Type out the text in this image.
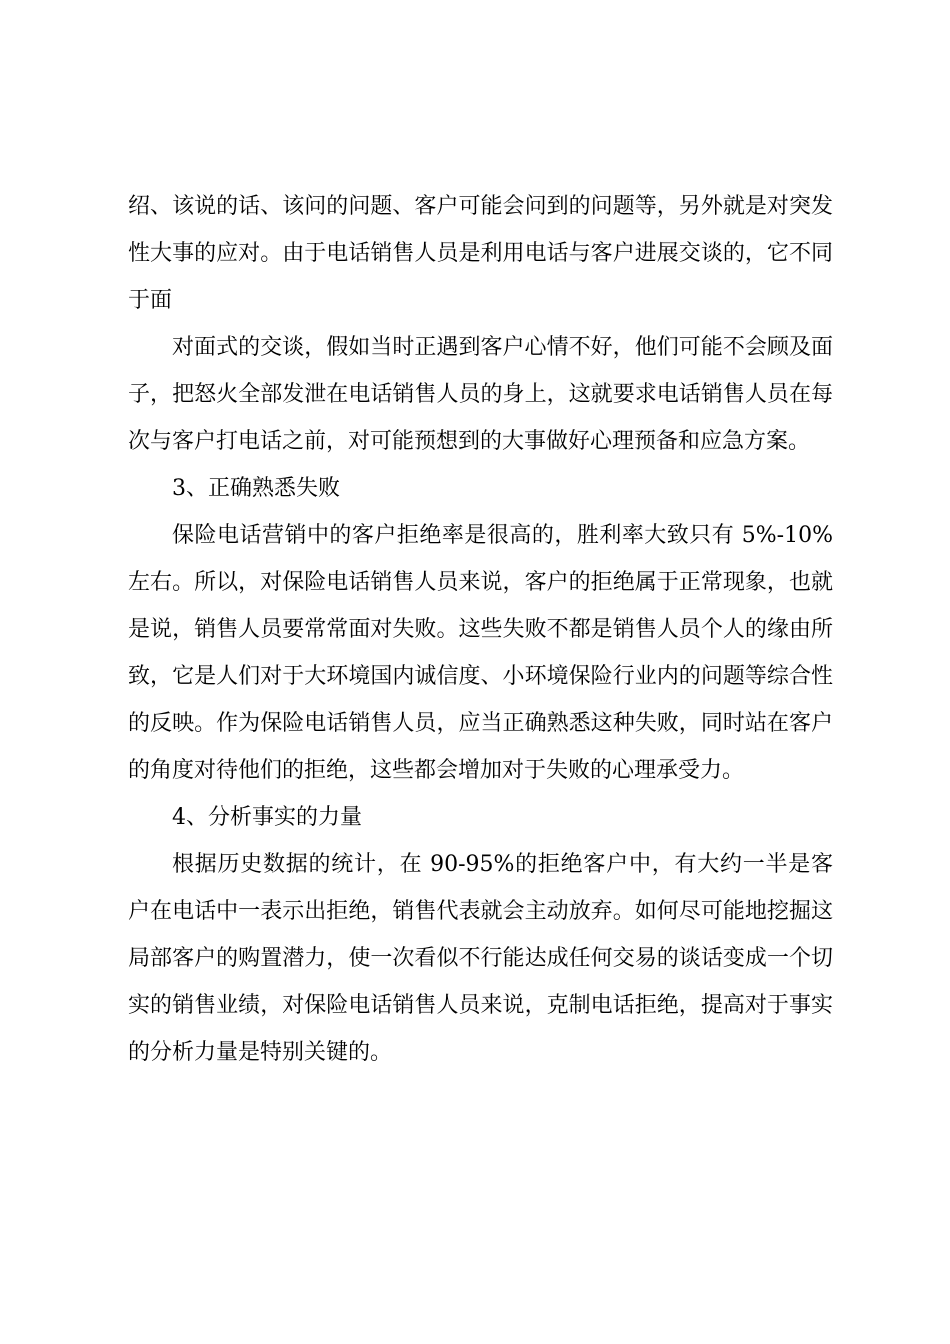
绍、该说的话、该问的问题、客户可能会问到的问题等，另外就是对突发性大事的应对。由于电话销售人员是利用电话与客户进展交谈的，它不同于面

对面式的交谈，假如当时正遇到客户心情不好，他们可能不会顾及面子，把怒火全部发泄在电话销售人员的身上，这就要求电话销售人员在每次与客户打电话之前，对可能预想到的大事做好心理预备和应急方案。

3、正确熟悉失败

保险电话营销中的客户拒绝率是很高的，胜利率大致只有 5%-10%左右。所以，对保险电话销售人员来说，客户的拒绝属于正常现象，也就是说，销售人员要常常面对失败。这些失败不都是销售人员个人的缘由所致，它是人们对于大环境国内诚信度、小环境保险行业内的问题等综合性的反映。作为保险电话销售人员，应当正确熟悉这种失败，同时站在客户的角度对待他们的拒绝，这些都会增加对于失败的心理承受力。

4、分析事实的力量

根据历史数据的统计，在 90-95%的拒绝客户中，有大约一半是客户在电话中一表示出拒绝，销售代表就会主动放弃。如何尽可能地挖掘这局部客户的购置潜力，使一次看似不行能达成任何交易的谈话变成一个切实的销售业绩，对保险电话销售人员来说，克制电话拒绝，提高对于事实的分析力量是特别关键的。
